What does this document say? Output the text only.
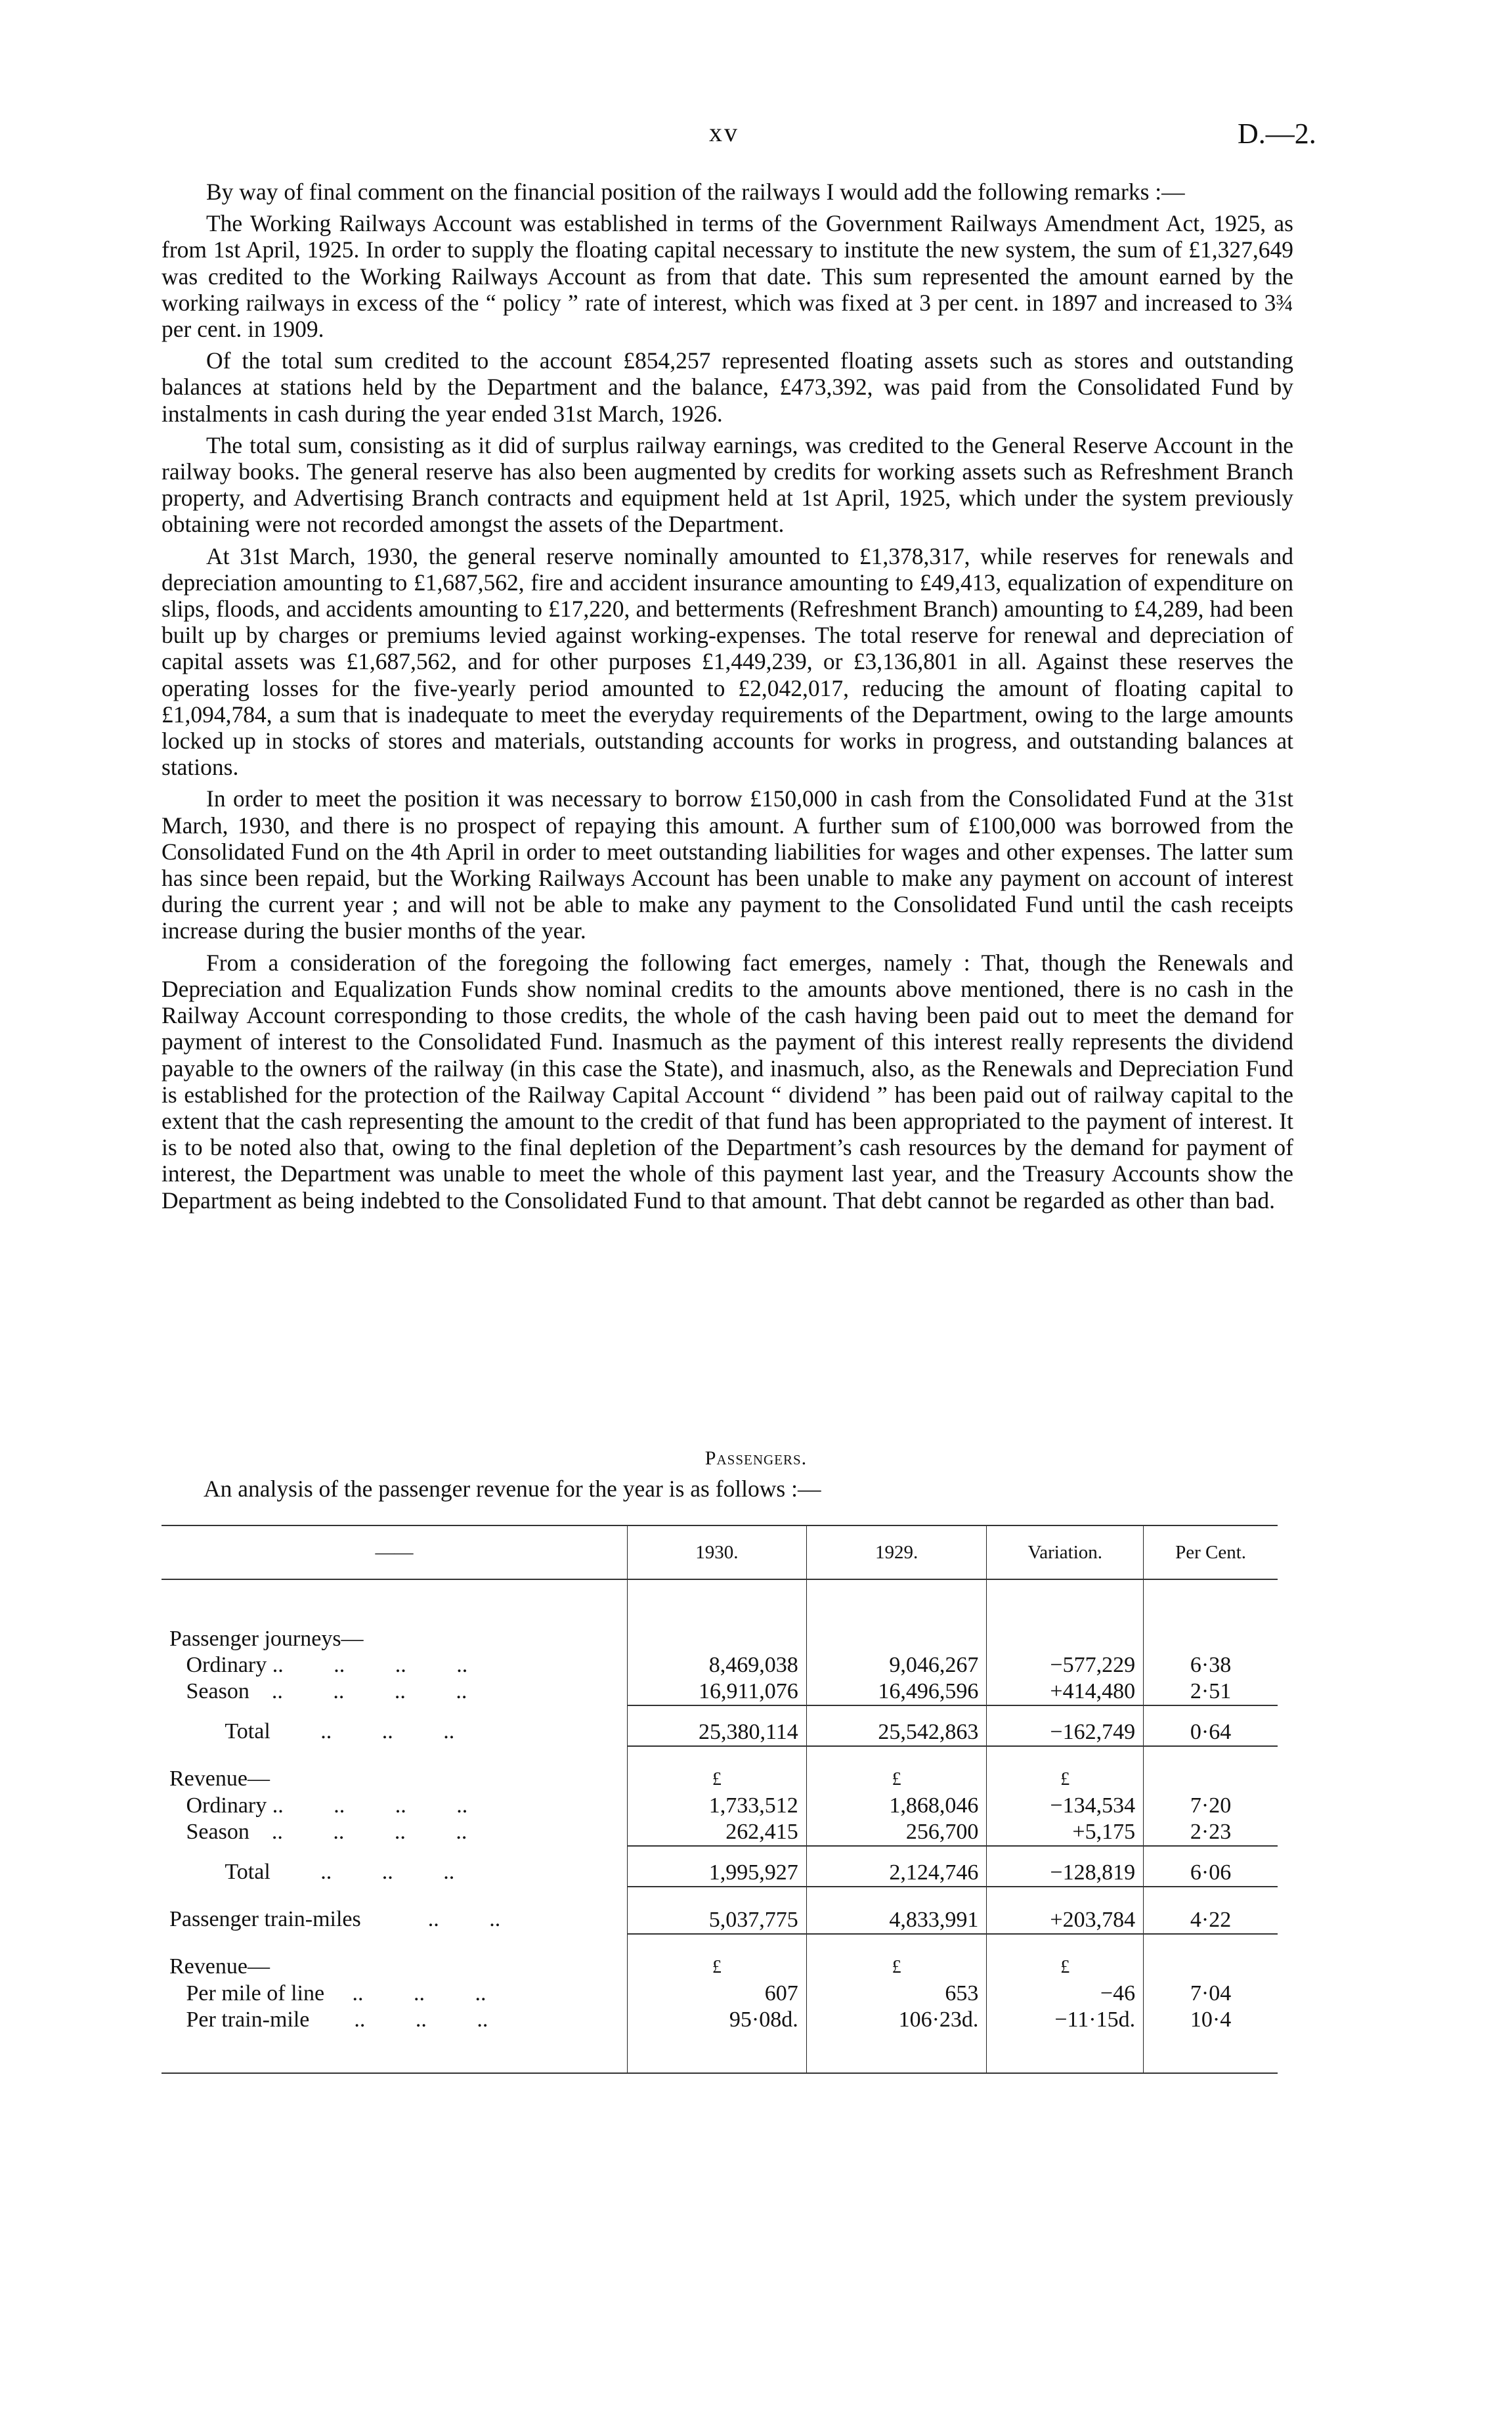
xv	D.—2.

By way of final comment on the financial position of the railways I would add the following remarks :—

The Working Railways Account was established in terms of the Government Railways Amendment Act, 1925, as from 1st April, 1925. In order to supply the floating capital necessary to institute the new system, the sum of £1,327,649 was credited to the Working Railways Account as from that date. This sum represented the amount earned by the working railways in excess of the “ policy ” rate of interest, which was fixed at 3 per cent. in 1897 and increased to 3¾ per cent. in 1909.

Of the total sum credited to the account £854,257 represented floating assets such as stores and outstanding balances at stations held by the Department and the balance, £473,392, was paid from the Consolidated Fund by instalments in cash during the year ended 31st March, 1926.

The total sum, consisting as it did of surplus railway earnings, was credited to the General Reserve Account in the railway books. The general reserve has also been augmented by credits for working assets such as Refreshment Branch property, and Advertising Branch contracts and equipment held at 1st April, 1925, which under the system previously obtaining were not recorded amongst the assets of the Department.

At 31st March, 1930, the general reserve nominally amounted to £1,378,317, while reserves for renewals and depreciation amounting to £1,687,562, fire and accident insurance amounting to £49,413, equalization of expenditure on slips, floods, and accidents amounting to £17,220, and betterments (Refreshment Branch) amounting to £4,289, had been built up by charges or premiums levied against working-expenses. The total reserve for renewal and depreciation of capital assets was £1,687,562, and for other purposes £1,449,239, or £3,136,801 in all. Against these reserves the operating losses for the five-yearly period amounted to £2,042,017, reducing the amount of floating capital to £1,094,784, a sum that is inadequate to meet the everyday requirements of the Department, owing to the large amounts locked up in stocks of stores and materials, outstanding accounts for works in progress, and outstanding balances at stations.

In order to meet the position it was necessary to borrow £150,000 in cash from the Consolidated Fund at the 31st March, 1930, and there is no prospect of repaying this amount. A further sum of £100,000 was borrowed from the Consolidated Fund on the 4th April in order to meet outstanding liabilities for wages and other expenses. The latter sum has since been repaid, but the Working Railways Account has been unable to make any payment on account of interest during the current year ; and will not be able to make any payment to the Consolidated Fund until the cash receipts increase during the busier months of the year.

From a consideration of the foregoing the following fact emerges, namely : That, though the Renewals and Depreciation and Equalization Funds show nominal credits to the amounts above mentioned, there is no cash in the Railway Account corresponding to those credits, the whole of the cash having been paid out to meet the demand for payment of interest to the Consolidated Fund. Inasmuch as the payment of this interest really represents the dividend payable to the owners of the railway (in this case the State), and inasmuch, also, as the Renewals and Depreciation Fund is established for the protection of the Railway Capital Account “ dividend ” has been paid out of railway capital to the extent that the cash representing the amount to the credit of that fund has been appropriated to the payment of interest. It is to be noted also that, owing to the final depletion of the Department’s cash resources by the demand for payment of interest, the Department was unable to meet the whole of this payment last year, and the Treasury Accounts show the Department as being indebted to the Consolidated Fund to that amount. That debt cannot be regarded as other than bad.

Passengers.
An analysis of the passenger revenue for the year is as follows :—
——	1930.	1929.	Variation.	Per Cent.
Passenger journeys—				
Ordinary ..         ..         ..         ..	8,469,038	9,046,267	−577,229	6·38
Season    ..         ..         ..         ..	16,911,076	16,496,596	+414,480	2·51
Total         ..         ..         ..	25,380,114	25,542,863	−162,749	0·64
Revenue—	£	£	£	
Ordinary ..         ..         ..         ..	1,733,512	1,868,046	−134,534	7·20
Season    ..         ..         ..         ..	262,415	256,700	+5,175	2·23
Total         ..         ..         ..	1,995,927	2,124,746	−128,819	6·06
Passenger train-miles            ..         ..	5,037,775	4,833,991	+203,784	4·22
Revenue—	£	£	£	
Per mile of line     ..         ..         ..	607	653	−46	7·04
Per train-mile        ..         ..         ..	95·08d.	106·23d.	−11·15d.	10·4
